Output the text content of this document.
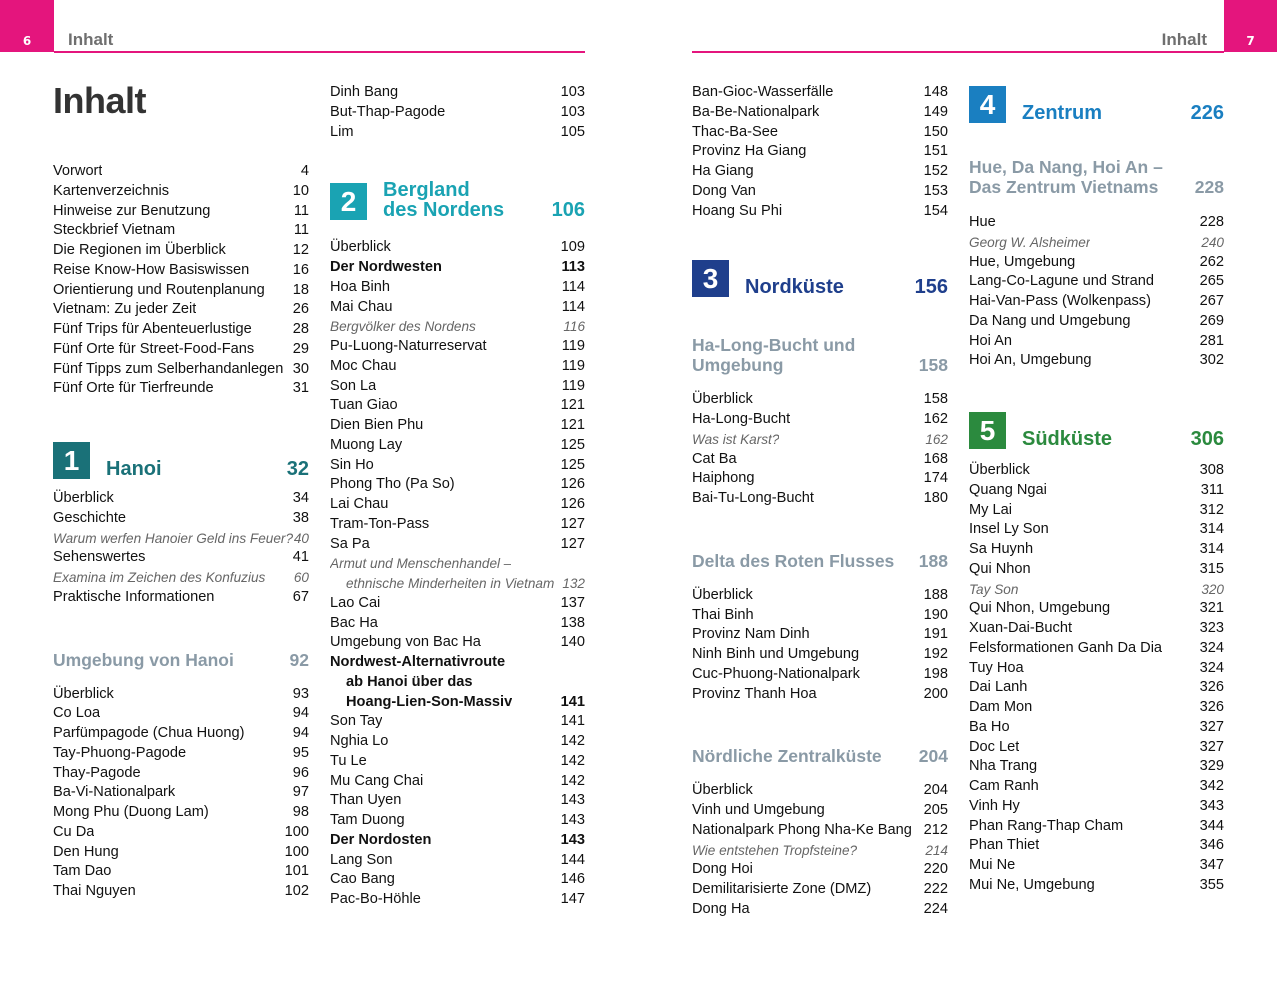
6 Inhalt	7
Inhalt
Inhalt
Vorwort	4
Kartenverzeichnis	10
Hinweise zur Benutzung	11
Steckbrief Vietnam	11
Die Regionen im Überblick	12
Reise Know-How Basiswissen	16
Orientierung und Routenplanung 18
Vietnam: Zu jeder Zeit	26
Fünf Trips für Abenteuerlustige	28
Fünf Orte für Street-Food-Fans	29
Fünf Tipps zum Selberhandanlegen 30
Fünf Orte für Tierfreunde	31
1	Hanoi	32
Überblick	34
Geschichte	38
Warum werfen Hanoier Geld ins Feuer? 40
Sehenswertes	41
Examina im Zeichen des Konfuzius 60
Praktische Informationen	67
Umgebung von Hanoi	92
Überblick	93
Co Loa	94
Parfümpagode (Chua Huong)	94
Tay-Phuong-Pagode	95
Thay-Pagode	96
Ba-Vi-Nationalpark	97
Mong Phu (Duong Lam)	98
Cu Da	100
Den Hung	100
Tam Dao	101
Thai Nguyen	102
Dinh Bang	103
But-Thap-Pagode	103
Lim	105
2	Bergland
des Nordens	106
Überblick	109
Der Nordwesten	113
Hoa Binh	114
Mai Chau	114
Bergvölker des Nordens	116
Pu-Luong-Naturreservat	119
Moc Chau	119
Son La	119
Tuan Giao	121
Dien Bien Phu	121
Muong Lay	125
Sin Ho	125
Phong Tho (Pa So)	126
Lai Chau	126
Tram-Ton-Pass	127
Sa Pa	127
Armut und Menschenhandel –
ethnische Minderheiten in Vietnam 132
Lao Cai	137
Bac Ha	138
Umgebung von Bac Ha	140
Nordwest-Alternativroute
ab Hanoi über das
Hoang-Lien-Son-Massiv	141
Son Tay	141
Nghia Lo	142
Tu Le	142
Mu Cang Chai	142
Than Uyen	143
Tam Duong	143
Der Nordosten	143
Lang Son	144
Cao Bang	146
Pac-Bo-Höhle	147
Ban-Gioc-Wasserfälle	148
Ba-Be-Nationalpark	149
Thac-Ba-See	150
Provinz Ha Giang	151
Ha Giang	152
Dong Van	153
Hoang Su Phi	154
3	Nordküste	156
Ha-Long-Bucht und Umgebung	158
Überblick	158
Ha-Long-Bucht	162
Was ist Karst?	162
Cat Ba	168
Haiphong	174
Bai-Tu-Long-Bucht	180
Delta des Roten Flusses 188
Überblick	188
Thai Binh	190
Provinz Nam Dinh	191
Ninh Binh und Umgebung	192
Cuc-Phuong-Nationalpark	198
Provinz Thanh Hoa	200
Nördliche Zentralküste 204
Überblick	204
Vinh und Umgebung	205
Nationalpark Phong Nha-Ke Bang 212
Wie entstehen Tropfsteine?	214
Dong Hoi	220
Demilitarisierte Zone (DMZ)	222
Dong Ha	224
4	Zentrum	226
Hue, Da Nang, Hoi An –
Das Zentrum Vietnams 228
Hue	228
Georg W. Alsheimer	240
Hue, Umgebung	262
Lang-Co-Lagune und Strand	265
Hai-Van-Pass (Wolkenpass)	267
Da Nang und Umgebung	269
Hoi An	281
Hoi An, Umgebung	302
5	Südküste	306
Überblick	308
Quang Ngai	311
My Lai	312
Insel Ly Son	314
Sa Huynh	314
Qui Nhon	315
Tay Son	320
Qui Nhon, Umgebung	321
Xuan-Dai-Bucht	323
Felsformationen Ganh Da Dia	324
Tuy Hoa	324
Dai Lanh	326
Dam Mon	326
Ba Ho	327
Doc Let	327
Nha Trang	329
Cam Ranh	342
Vinh Hy	343
Phan Rang-Thap Cham	344
Phan Thiet	346
Mui Ne	347
Mui Ne, Umgebung	355
